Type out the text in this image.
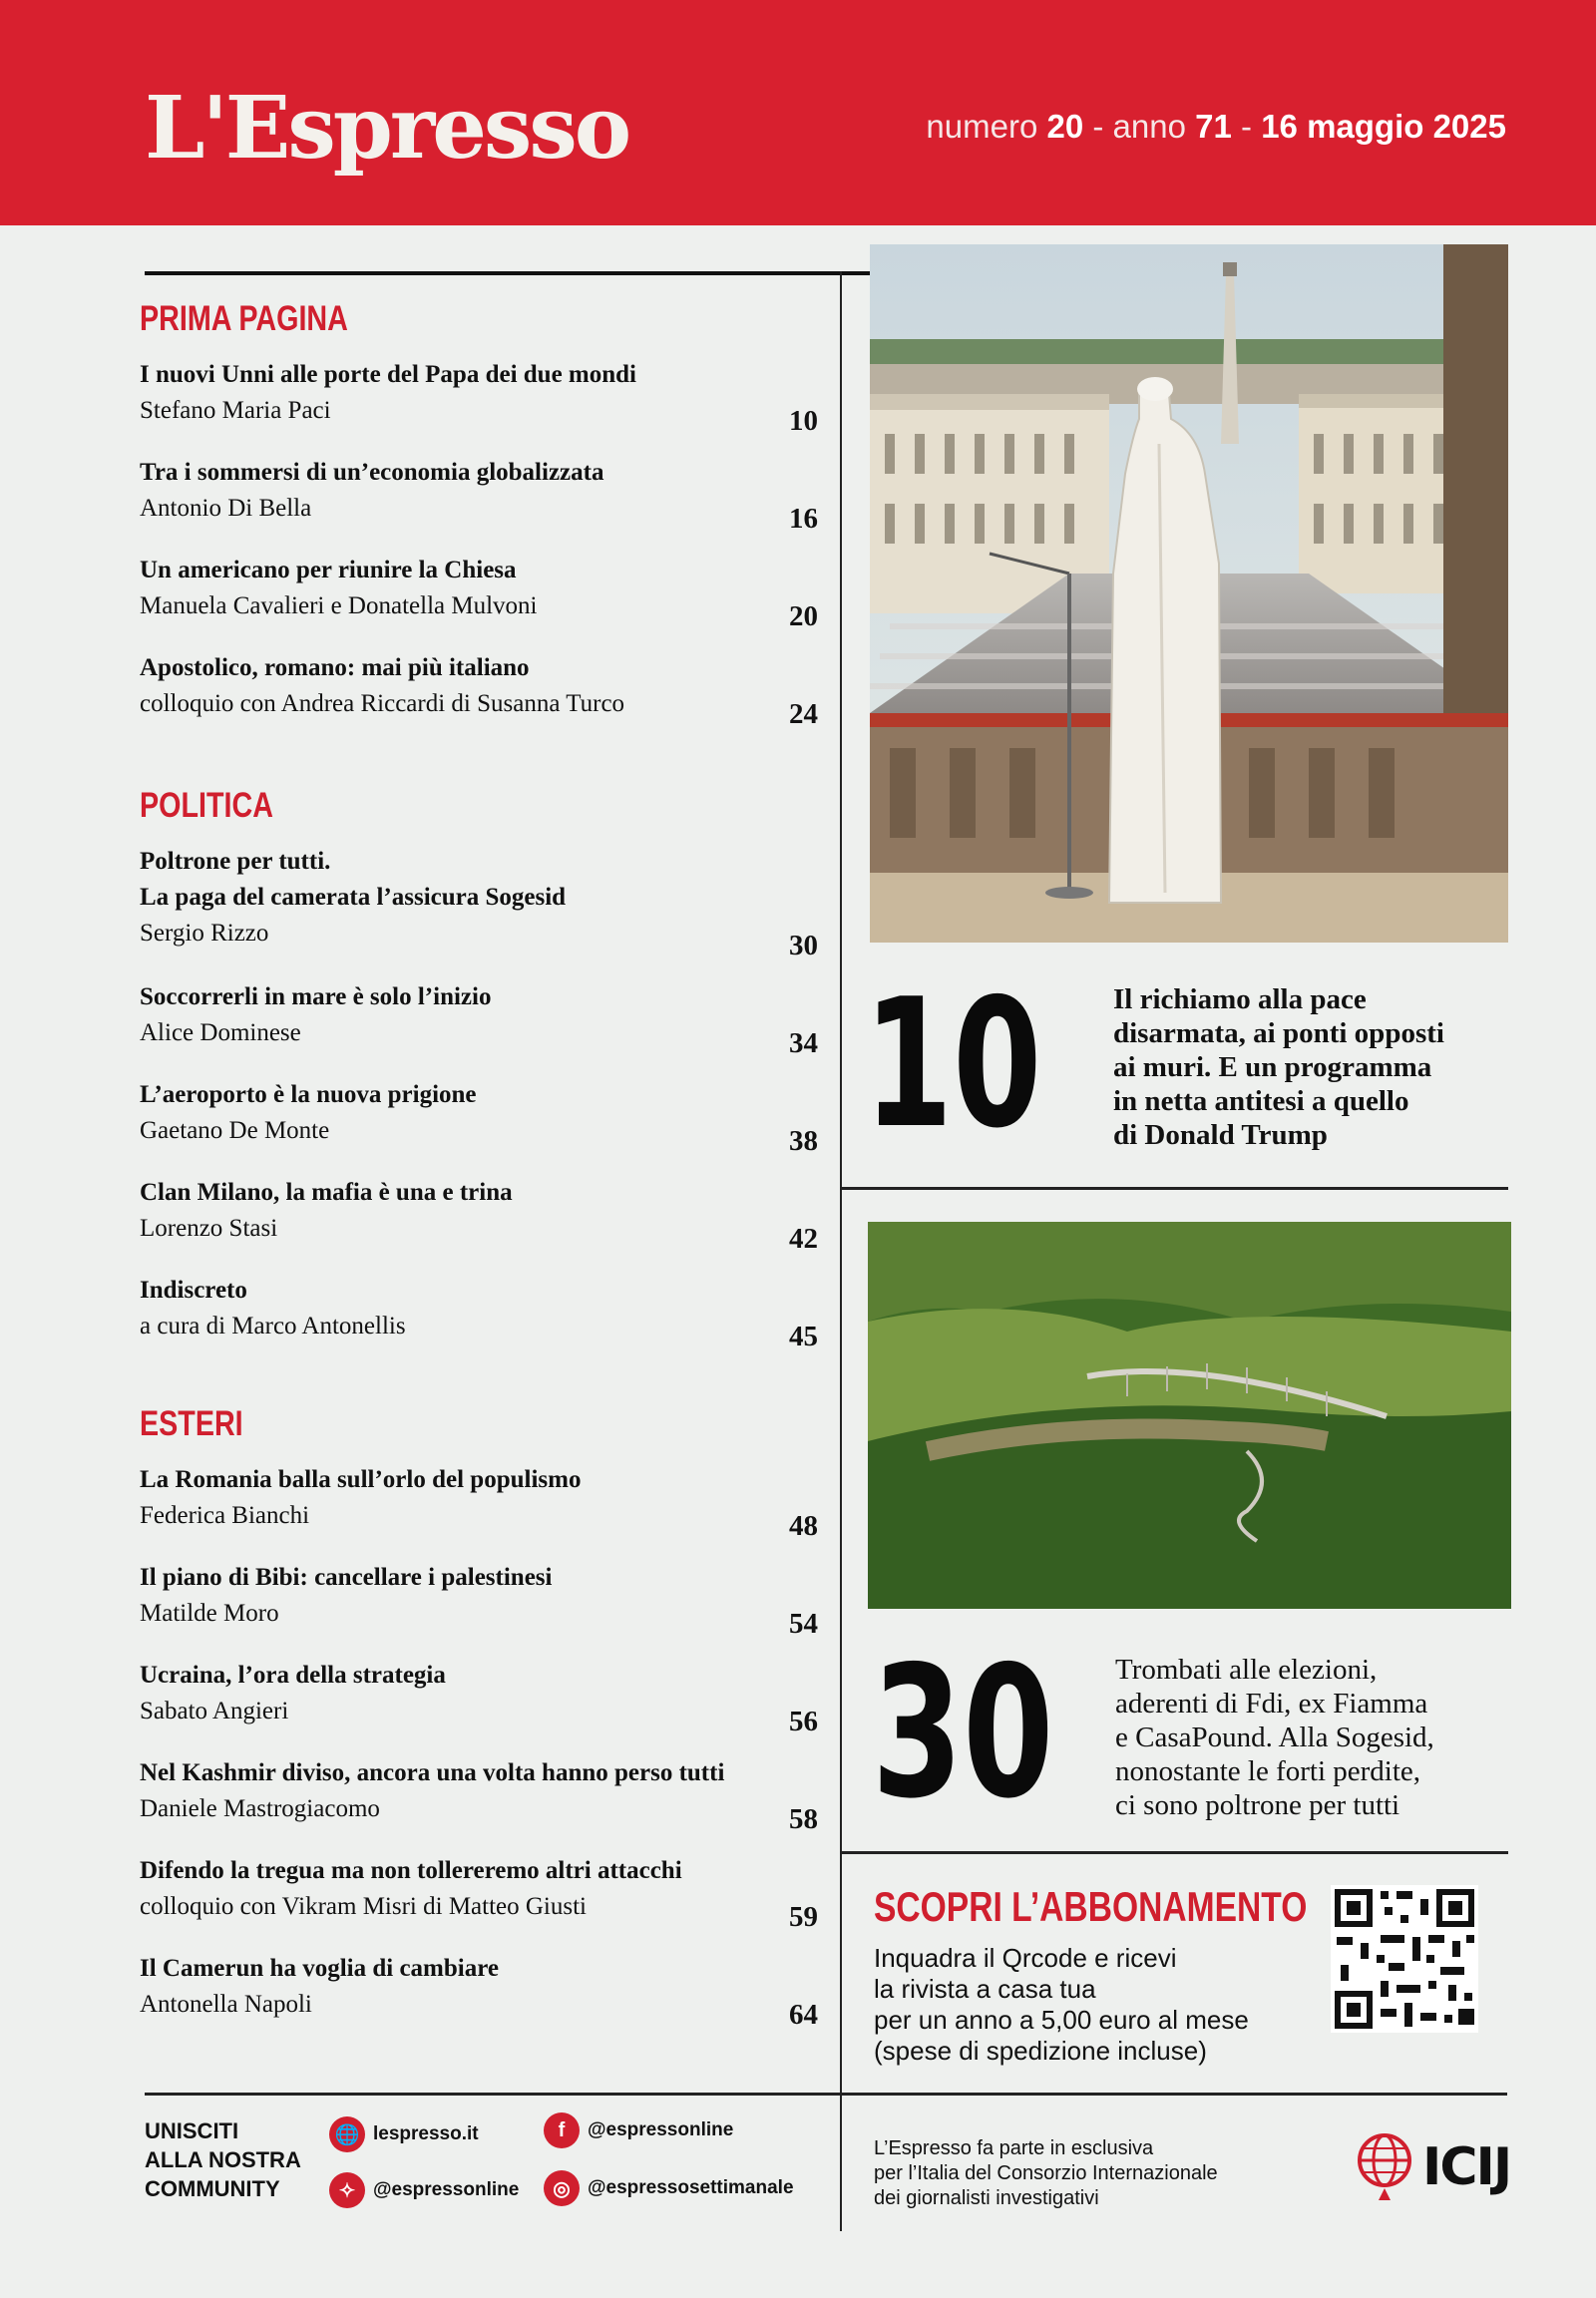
L'Espresso	numero 20 - anno 71 - 16 maggio 2025
PRIMA PAGINA
I nuovi Unni alle porte del Papa dei due mondi
Stefano Maria Paci	10
Tra i sommersi di un’economia globalizzata
Antonio Di Bella	16
Un americano per riunire la Chiesa
Manuela Cavalieri e Donatella Mulvoni	20
Apostolico, romano: mai più italiano
colloquio con Andrea Riccardi di Susanna Turco	24
POLITICA
Poltrone per tutti.
La paga del camerata l’assicura Sogesid
Sergio Rizzo	30
Soccorrerli in mare è solo l’inizio
Alice Dominese	34
L’aeroporto è la nuova prigione
Gaetano De Monte	38
Clan Milano, la mafia è una e trina
Lorenzo Stasi	42
Indiscreto
a cura di Marco Antonellis	45
ESTERI
La Romania balla sull’orlo del populismo
Federica Bianchi	48
Il piano di Bibi: cancellare i palestinesi
Matilde Moro	54
Ucraina, l’ora della strategia
Sabato Angieri	56
Nel Kashmir diviso, ancora una volta hanno perso tutti
Daniele Mastrogiacomo	58
Difendo la tregua ma non tollereremo altri attacchi
colloquio con Vikram Misri di Matteo Giusti	59
Il Camerun ha voglia di cambiare
Antonella Napoli	64
10 Il richiamo alla pace
disarmata, ai ponti opposti
ai muri. E un programma
in netta antitesi a quello
di Donald Trump
30 Trombati alle elezioni,
aderenti di Fdi, ex Fiamma
e CasaPound. Alla Sogesid,
nonostante le forti perdite,
ci sono poltrone per tutti
SCOPRI L’ABBONAMENTO
Inquadra il Qrcode e ricevi
la rivista a casa tua
per un anno a 5,00 euro al mese
(spese di spedizione incluse)
UNISCITI
ALLA NOSTRA
COMMUNITY
🌐 lespresso.it
✧ @espressonline
f	@espressonline
◎ @espressosettimanale
L’Espresso fa parte in esclusiva
per l’Italia del Consorzio Internazionale
dei giornalisti investigativi
ICIJ
